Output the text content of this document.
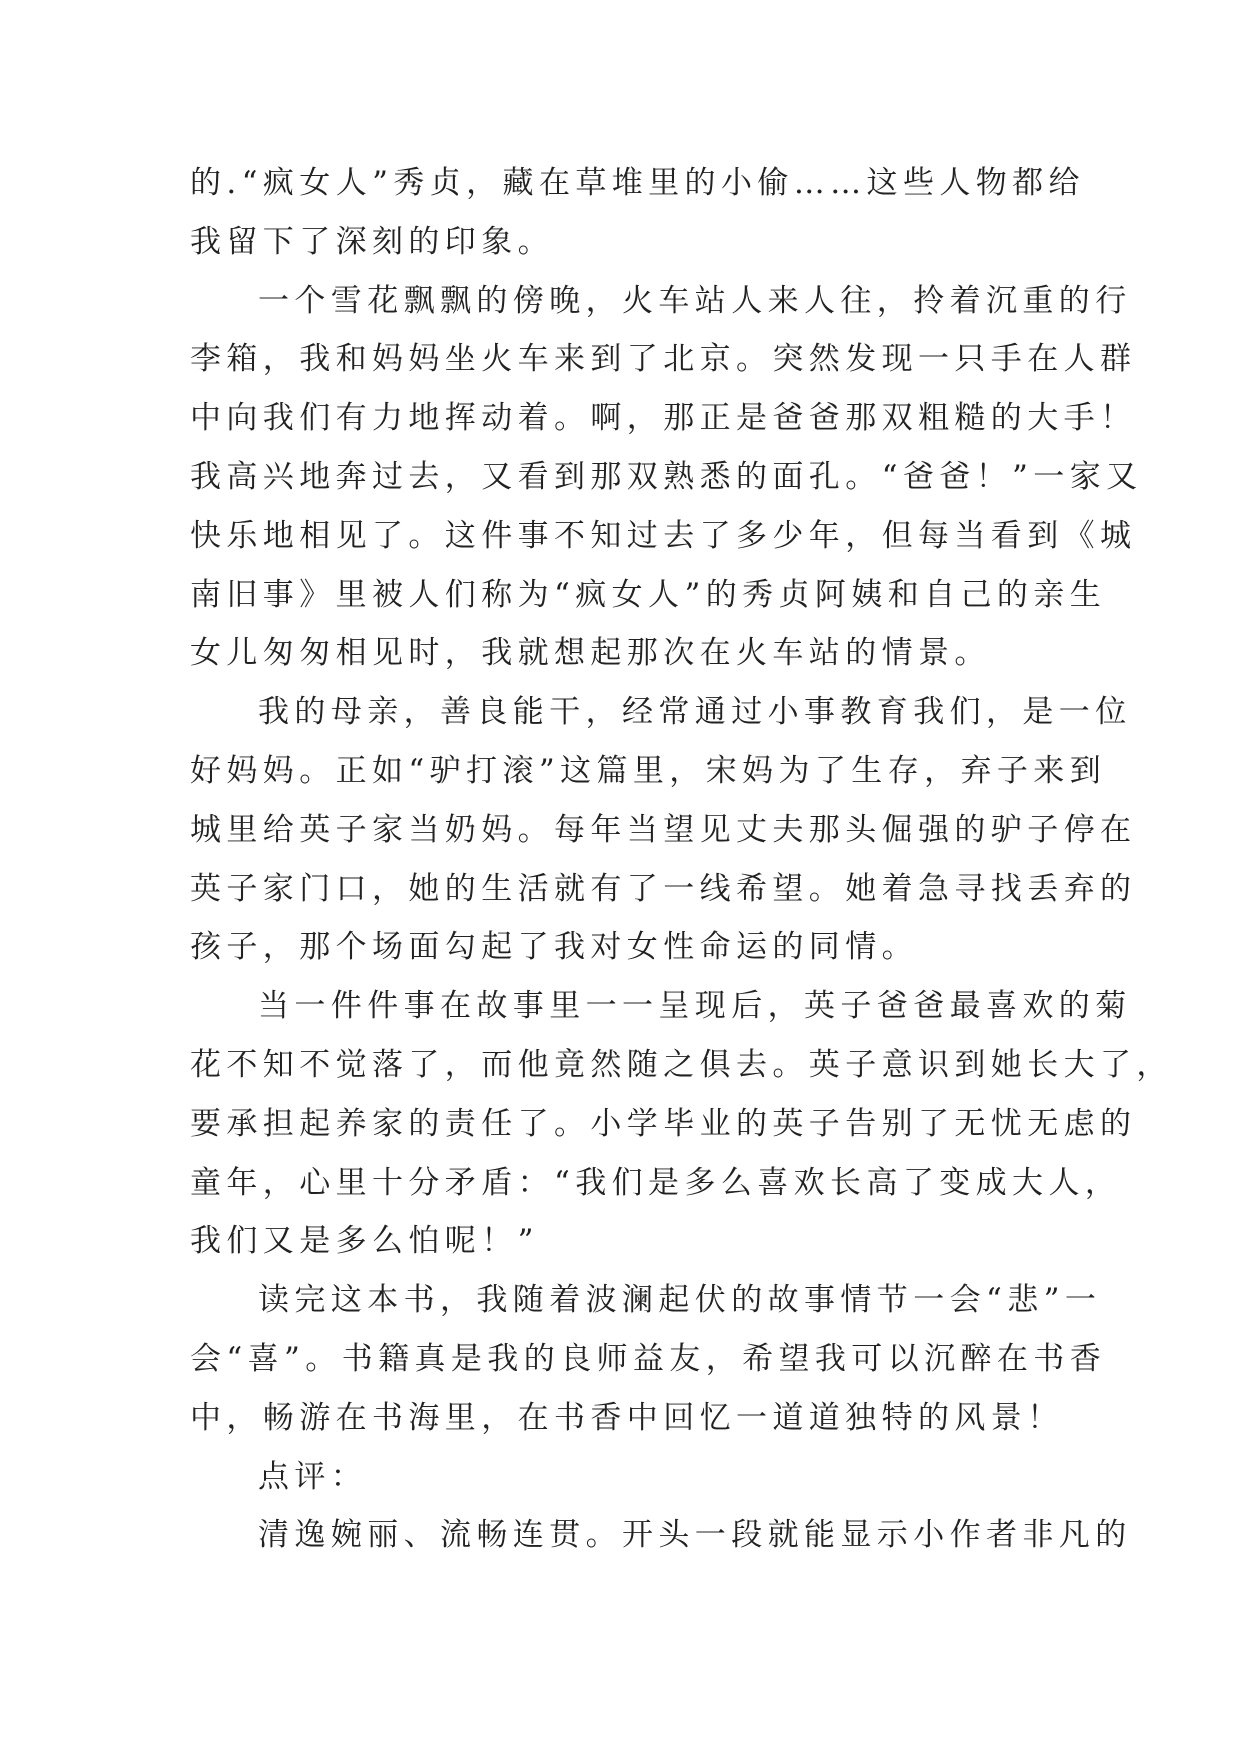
的.“疯女人”秀贞，藏在草堆里的小偷……这些人物都给
我留下了深刻的印象。
一个雪花飘飘的傍晚，火车站人来人往，拎着沉重的行
李箱，我和妈妈坐火车来到了北京。突然发现一只手在人群
中向我们有力地挥动着。啊，那正是爸爸那双粗糙的大手！
我高兴地奔过去，又看到那双熟悉的面孔。“爸爸！”一家又
快乐地相见了。这件事不知过去了多少年，但每当看到《城
南旧事》里被人们称为“疯女人”的秀贞阿姨和自己的亲生
女儿匆匆相见时，我就想起那次在火车站的情景。
我的母亲，善良能干，经常通过小事教育我们，是一位
好妈妈。正如“驴打滚”这篇里，宋妈为了生存，弃子来到
城里给英子家当奶妈。每年当望见丈夫那头倔强的驴子停在
英子家门口，她的生活就有了一线希望。她着急寻找丢弃的
孩子，那个场面勾起了我对女性命运的同情。
当一件件事在故事里一一呈现后，英子爸爸最喜欢的菊
花不知不觉落了，而他竟然随之俱去。英子意识到她长大了，
要承担起养家的责任了。小学毕业的英子告别了无忧无虑的
童年，心里十分矛盾：“我们是多么喜欢长高了变成大人，
我们又是多么怕呢！”
读完这本书，我随着波澜起伏的故事情节一会“悲”一
会“喜”。书籍真是我的良师益友，希望我可以沉醉在书香
中，畅游在书海里，在书香中回忆一道道独特的风景！
点评：
清逸婉丽、流畅连贯。开头一段就能显示小作者非凡的
